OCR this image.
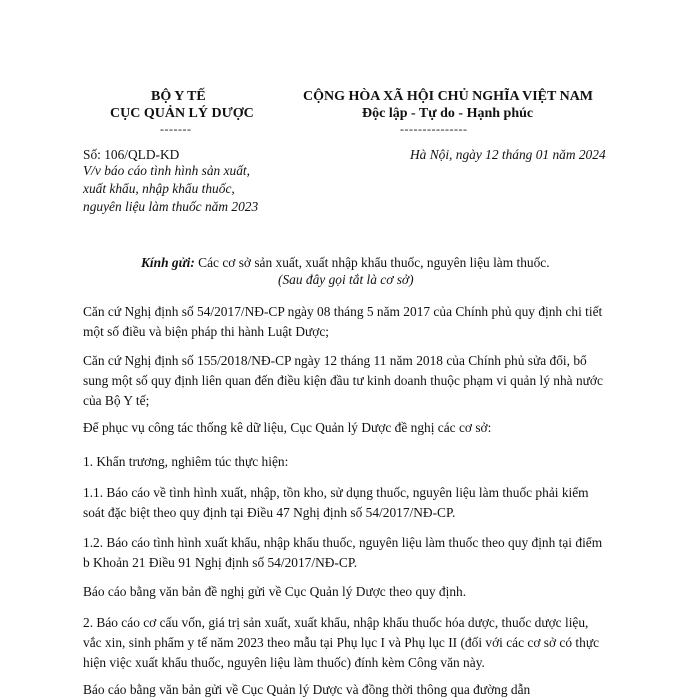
BỘ Y TẾ
CỤC QUẢN LÝ DƯỢC
-------
CỘNG HÒA XÃ HỘI CHỦ NGHĨA VIỆT NAM
Độc lập - Tự do - Hạnh phúc
---------------
Số: 106/QLD-KD
V/v báo cáo tình hình sản xuất,
xuất khẩu, nhập khẩu thuốc,
nguyên liệu làm thuốc năm 2023
Hà Nội, ngày 12 tháng 01 năm 2024
Kính gửi: Các cơ sở sản xuất, xuất nhập khẩu thuốc, nguyên liệu làm thuốc.
(Sau đây gọi tắt là cơ sở)
Căn cứ Nghị định số 54/2017/NĐ-CP ngày 08 tháng 5 năm 2017 của Chính phủ quy định chi tiết
một số điều và biện pháp thi hành Luật Dược;
Căn cứ Nghị định số 155/2018/NĐ-CP ngày 12 tháng 11 năm 2018 của Chính phủ sửa đổi, bổ
sung một số quy định liên quan đến điều kiện đầu tư kinh doanh thuộc phạm vi quản lý nhà nước
của Bộ Y tế;
Để phục vụ công tác thống kê dữ liệu, Cục Quản lý Dược đề nghị các cơ sở:
1. Khẩn trương, nghiêm túc thực hiện:
1.1. Báo cáo về tình hình xuất, nhập, tồn kho, sử dụng thuốc, nguyên liệu làm thuốc phải kiểm
soát đặc biệt theo quy định tại Điều 47 Nghị định số 54/2017/NĐ-CP.
1.2. Báo cáo tình hình xuất khẩu, nhập khẩu thuốc, nguyên liệu làm thuốc theo quy định tại điểm
b Khoản 21 Điều 91 Nghị định số 54/2017/NĐ-CP.
Báo cáo bằng văn bản đề nghị gửi về Cục Quản lý Dược theo quy định.
2. Báo cáo cơ cấu vốn, giá trị sản xuất, xuất khẩu, nhập khẩu thuốc hóa dược, thuốc dược liệu,
vắc xin, sinh phẩm y tế năm 2023 theo mẫu tại Phụ lục I và Phụ lục II (đối với các cơ sở có thực
hiện việc xuất khẩu thuốc, nguyên liệu làm thuốc) đính kèm Công văn này.
Báo cáo bằng văn bản gửi về Cục Quản lý Dược và đồng thời thông qua đường dẫn
